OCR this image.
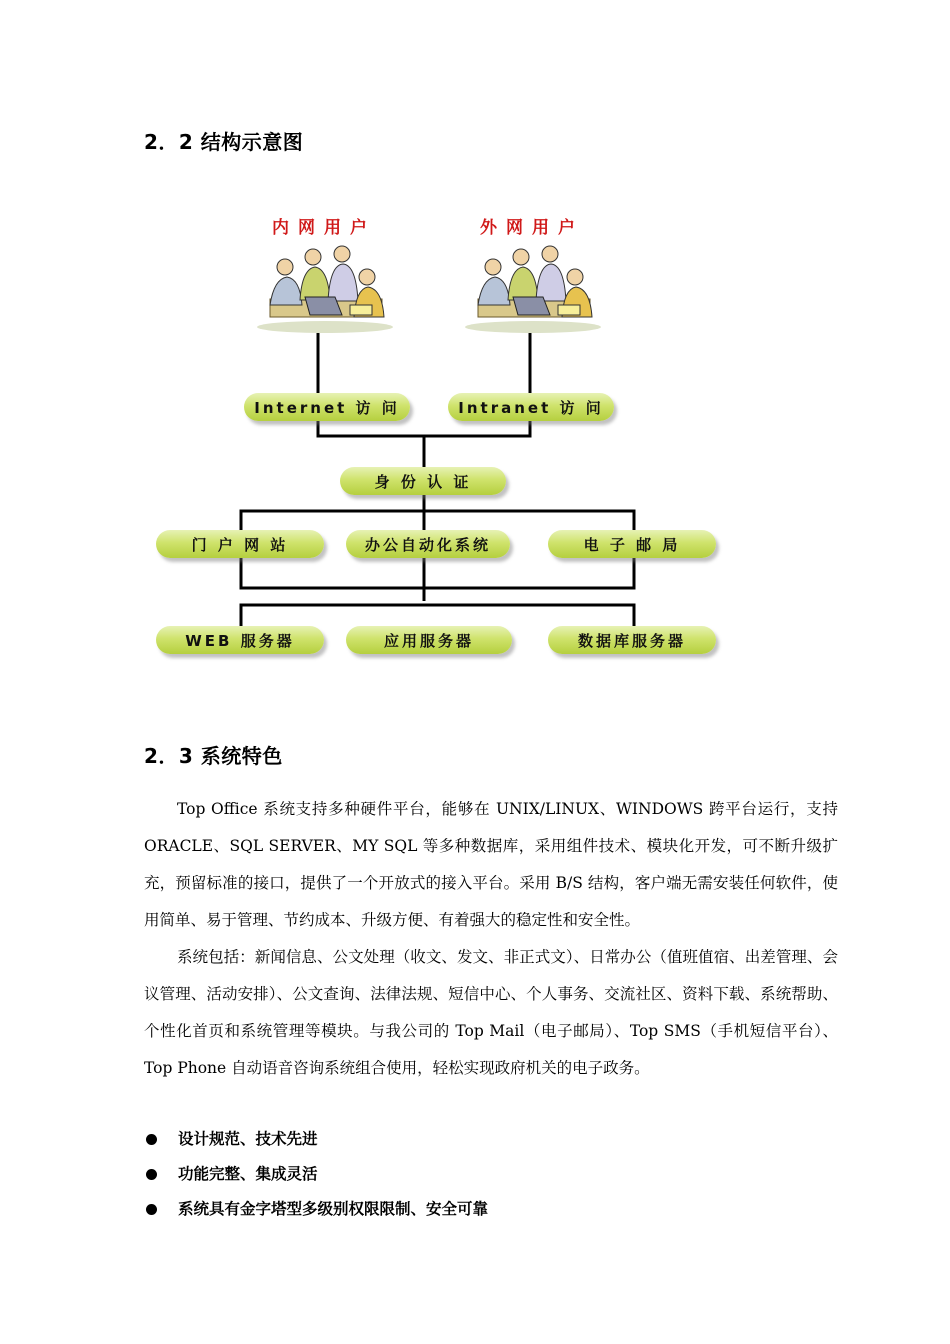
2．2 结构示意图
内网用户	外网用户
Internet 访 问	Intranet 访 问
身 份 认 证
门 户 网 站	办公自动化系统	电 子 邮 局
WEB 服务器	应用服务器	数据库服务器
2．3 系统特色

Top Office 系统支持多种硬件平台，能够在 UNIX/LINUX、WINDOWS 跨平台运行，支持 ORACLE、SQL SERVER、MY SQL 等多种数据库，采用组件技术、模块化开发，可不断升级扩充，预留标准的接口，提供了一个开放式的接入平台。采用 B/S 结构，客户端无需安装任何软件，使用简单、易于管理、节约成本、升级方便、有着强大的稳定性和安全性。

系统包括：新闻信息、公文处理（收文、发文、非正式文）、日常办公（值班值宿、出差管理、会议管理、活动安排）、公文查询、法律法规、短信中心、个人事务、交流社区、资料下载、系统帮助、个性化首页和系统管理等模块。与我公司的 Top Mail（电子邮局）、Top SMS（手机短信平台）、Top Phone 自动语音咨询系统组合使用，轻松实现政府机关的电子政务。

设计规范、技术先进
功能完整、集成灵活
系统具有金字塔型多级别权限限制、安全可靠
